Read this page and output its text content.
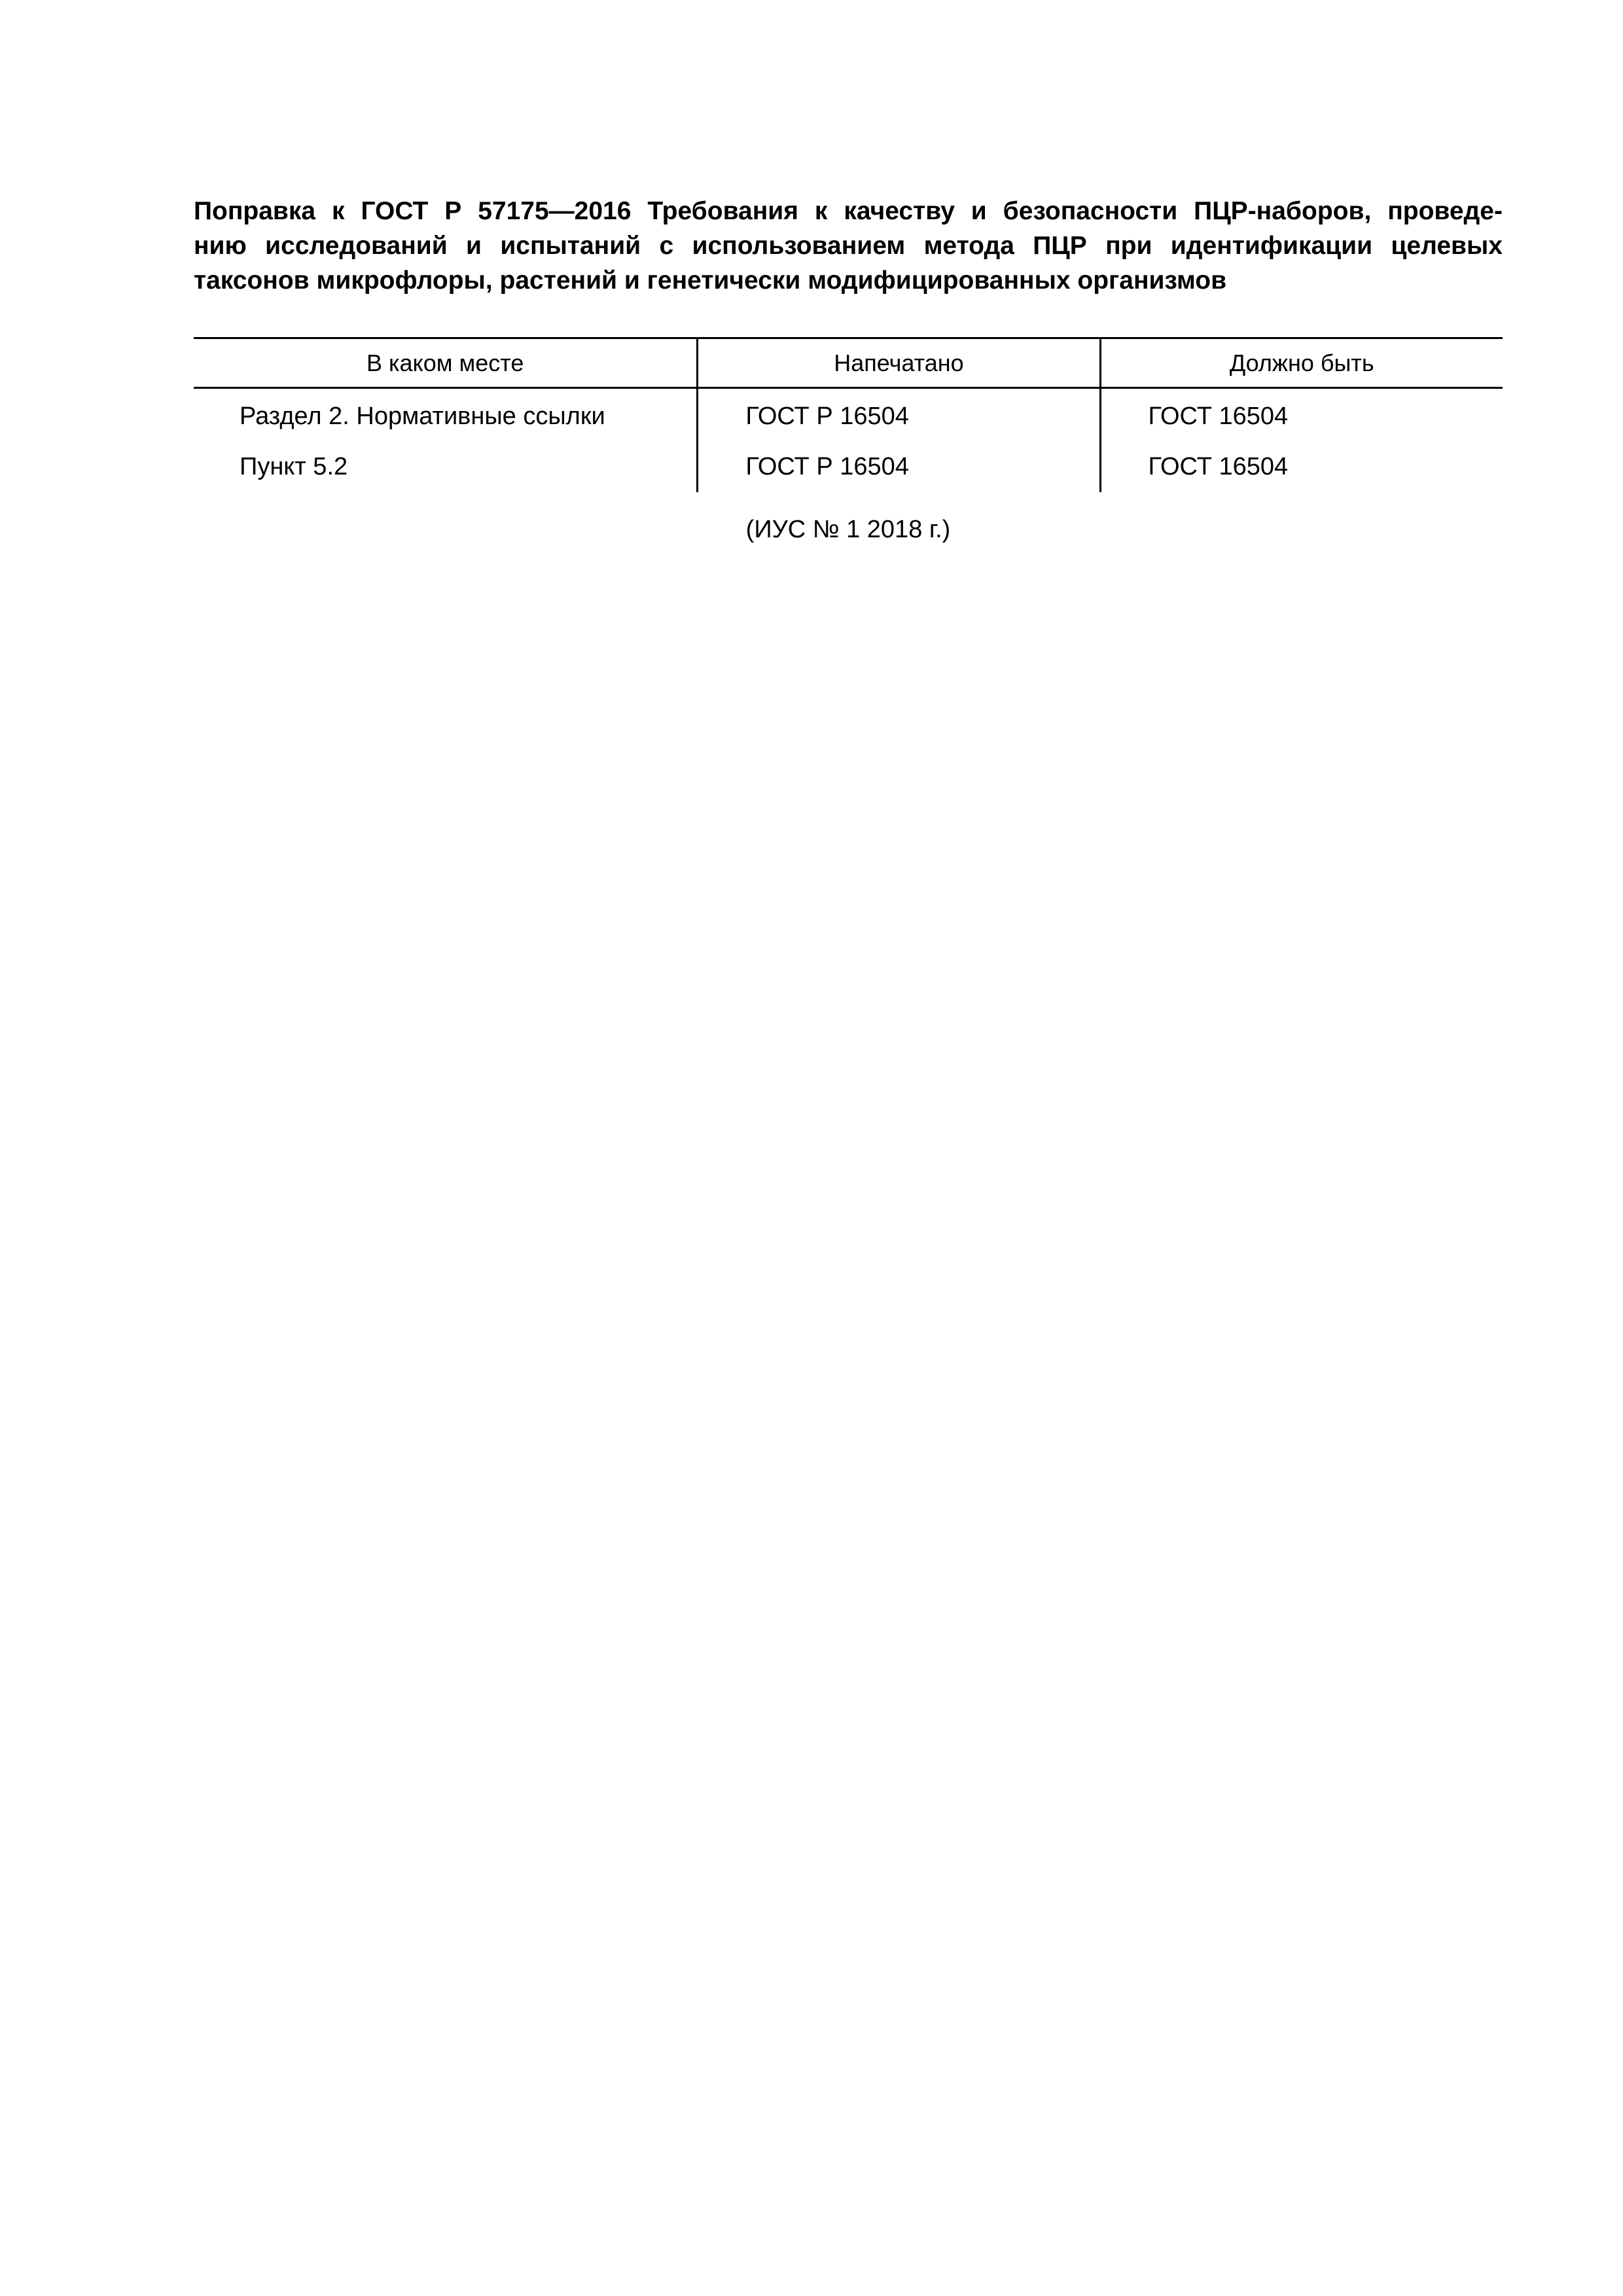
Поправка к ГОСТ Р 57175—2016 Требования к качеству и безопасности ПЦР-наборов, проведе-
нию исследований и испытаний с использованием метода ПЦР при идентификации целевых
таксонов микрофлоры, растений и генетически модифицированных организмов
В каком месте	Напечатано	Должно быть
Раздел 2. Нормативные ссылки	ГОСТ Р 16504	ГОСТ 16504
Пункт 5.2	ГОСТ Р 16504	ГОСТ 16504
(ИУС № 1 2018 г.)
